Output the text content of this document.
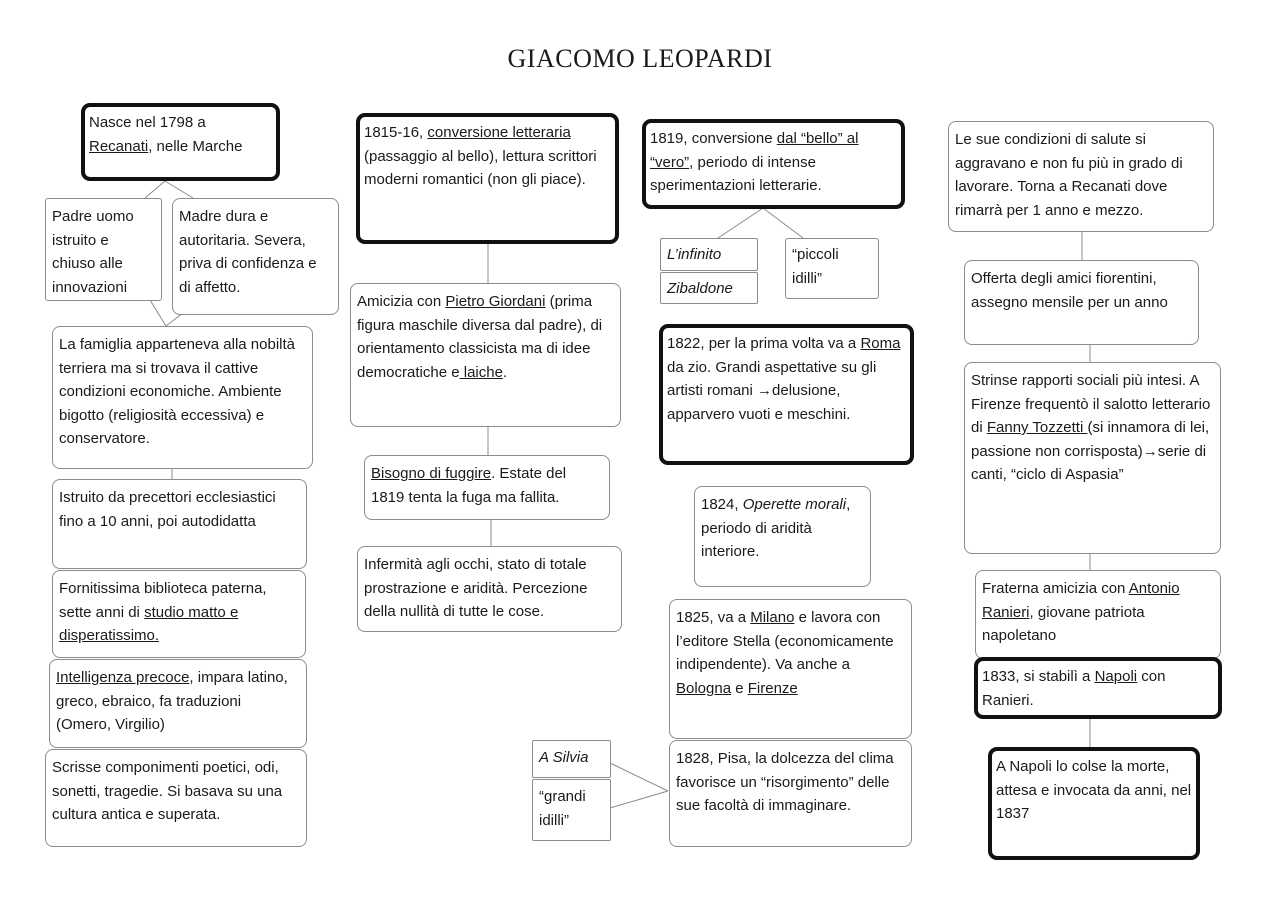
GIACOMO LEOPARDI
Nasce nel 1798 a Recanati, nelle Marche
Padre uomo istruito e chiuso alle innovazioni
Madre dura e autoritaria. Severa, priva di confidenza e di affetto.
La famiglia apparteneva alla nobiltà terriera ma si trovava il cattive condizioni economiche. Ambiente bigotto (religiosità eccessiva) e conservatore.
Istruito da precettori ecclesiastici fino a 10 anni, poi autodidatta
Fornitissima biblioteca paterna, sette anni di studio matto e disperatissimo.
Intelligenza precoce, impara latino, greco, ebraico, fa traduzioni (Omero, Virgilio)
Scrisse componimenti poetici, odi, sonetti, tragedie. Si basava su una cultura antica e superata.
1815-16, conversione letteraria (passaggio al bello), lettura scrittori moderni romantici (non gli piace).
Amicizia con Pietro Giordani (prima figura maschile diversa dal padre), di orientamento classicista ma di idee democratiche e laiche.
Bisogno di fuggire. Estate del 1819 tenta la fuga ma fallita.
Infermità agli occhi, stato di totale prostrazione e aridità. Percezione della nullità di tutte le cose.
1819, conversione dal “bello” al “vero”, periodo di intense sperimentazioni letterarie.
L’infinito
Zibaldone
“piccoli idilli”
1822, per la prima volta va a Roma da zio. Grandi aspettative su gli artisti romani →delusione, apparvero vuoti e meschini.
1824, Operette morali, periodo di aridità interiore.
1825, va a Milano e lavora con l’editore Stella (economicamente indipendente). Va anche a Bologna e Firenze
1828, Pisa, la dolcezza del clima favorisce un “risorgimento” delle sue facoltà di immaginare.
A Silvia
“grandi idilli”
Le sue condizioni di salute si aggravano e non fu più in grado di lavorare. Torna a Recanati dove rimarrà per 1 anno e mezzo.
Offerta degli amici fiorentini, assegno mensile per un anno
Strinse rapporti sociali più intesi. A Firenze frequentò il salotto letterario di Fanny Tozzetti (si innamora di lei, passione non corrisposta)→serie di canti, “ciclo di Aspasia”
Fraterna amicizia con Antonio Ranieri, giovane patriota napoletano
1833, si stabilì a Napoli con Ranieri.
A Napoli lo colse la morte, attesa e invocata da anni, nel 1837
